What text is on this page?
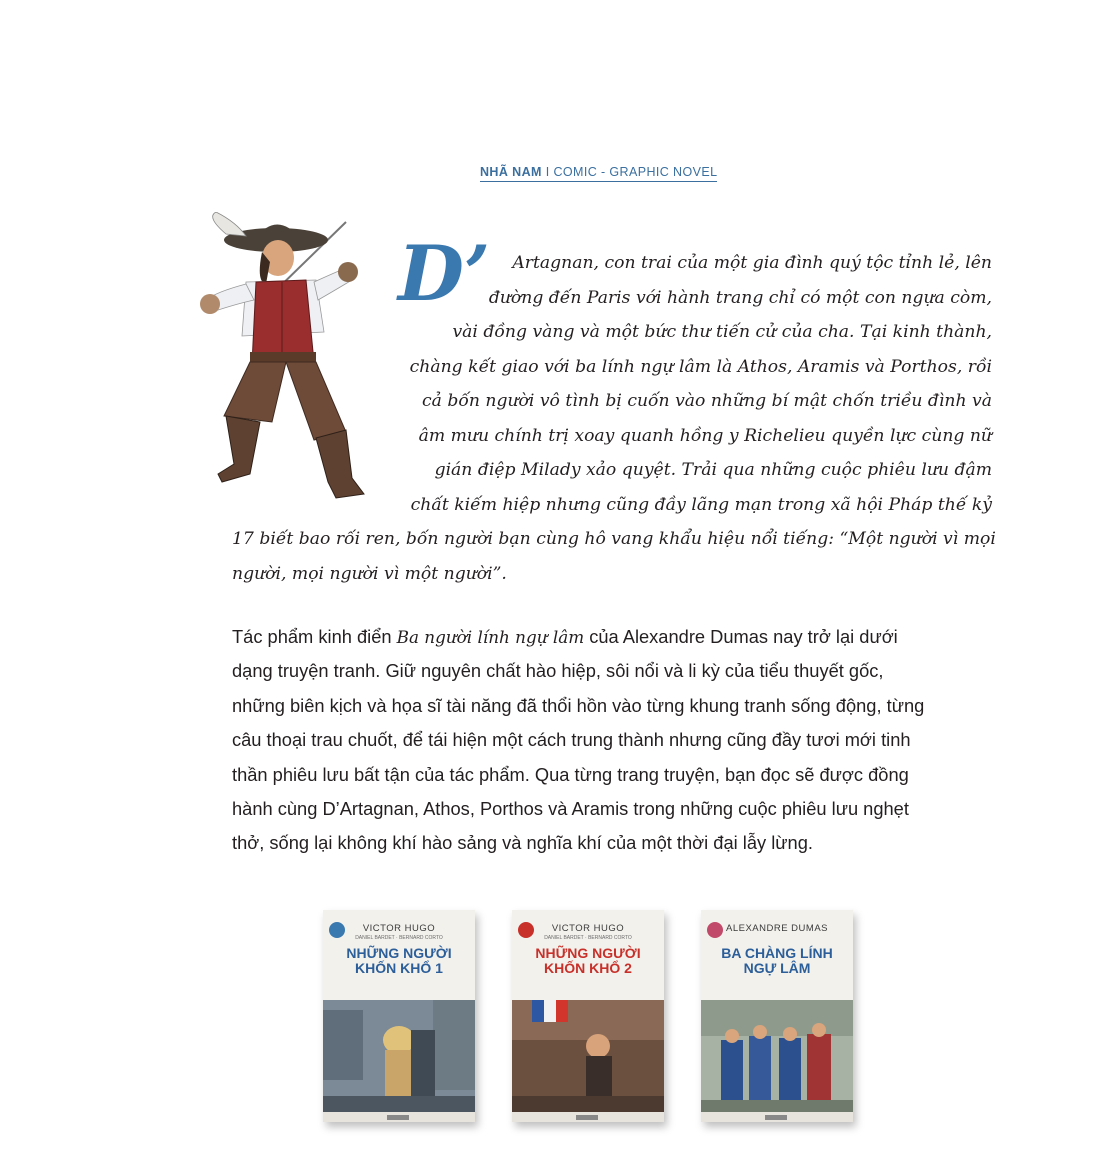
NHÃ NAM I COMIC - GRAPHIC NOVEL
D’	Artagnan, con trai của một gia đình quý tộc tỉnh lẻ, lên
đường đến Paris với hành trang chỉ có một con ngựa còm,
vài đồng vàng và một bức thư tiến cử của cha. Tại kinh thành,
chàng kết giao với ba lính ngự lâm là Athos, Aramis và Porthos, rồi
cả bốn người vô tình bị cuốn vào những bí mật chốn triều đình và
âm mưu chính trị xoay quanh hồng y Richelieu quyền lực cùng nữ
gián điệp Milady xảo quyệt. Trải qua những cuộc phiêu lưu đậm
chất kiếm hiệp nhưng cũng đầy lãng mạn trong xã hội Pháp thế kỷ
17 biết bao rối ren, bốn người bạn cùng hô vang khẩu hiệu nổi tiếng: “Một người vì mọi
người, mọi người vì một người”.
Tác phẩm kinh điển Ba người lính ngự lâm của Alexandre Dumas nay trở lại dưới
dạng truyện tranh. Giữ nguyên chất hào hiệp, sôi nổi và li kỳ của tiểu thuyết gốc,
những biên kịch và họa sĩ tài năng đã thổi hồn vào từng khung tranh sống động, từng
câu thoại trau chuốt, để tái hiện một cách trung thành nhưng cũng đầy tươi mới tinh
thần phiêu lưu bất tận của tác phẩm. Qua từng trang truyện, bạn đọc sẽ được đồng
hành cùng D’Artagnan, Athos, Porthos và Aramis trong những cuộc phiêu lưu nghẹt
thở, sống lại không khí hào sảng và nghĩa khí của một thời đại lẫy lừng.
VICTOR HUGO
DANIEL BARDET · BERNARD CORTO
NHỮNG NGƯỜI KHỐN KHỔ 1
VICTOR HUGO
DANIEL BARDET · BERNARD CORTO
NHỮNG NGƯỜI KHỐN KHỔ 2
ALEXANDRE DUMAS
BA CHÀNG LÍNH NGỰ LÂM
